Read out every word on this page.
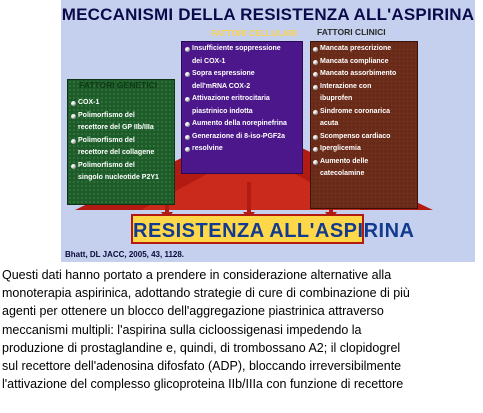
MECCANISMI DELLA RESISTENZA ALL'ASPIRINA
FATTORI GENETICI
COX-1
Polimorfismo del
recettore del GP IIb/IIIa
Polimorfismo del
recettore del collagene
Polimorfismo del
singolo nucleotide P2Y1
FATTORI CELLULARI
Insufficiente soppressione
dei COX-1
Sopra espressione
dell'mRNA COX-2
Attivazione eritrocitaria
piastrinico indotta
Aumento della norepinefrina
Generazione di 8-iso-PGF2a
resolvine
FATTORI CLINICI
Mancata prescrizione
Mancata compliance
Mancato assorbimento
Interazione con
ibuprofen
Sindrome coronarica
acuta
Scompenso cardiaco
Iperglicemia
Aumento delle
catecolamine
RESISTENZA ALL'ASPIRINA
Bhatt, DL JACC, 2005, 43, 1128.
Questi dati hanno portato a prendere in considerazione alternative alla
monoterapia aspirinica, adottando strategie di cure di combinazione di più
agenti per ottenere un blocco dell'aggregazione piastrinica attraverso
meccanismi multipli: l'aspirina sulla cicloossigenasi impedendo la
produzione di prostaglandine e, quindi, di trombossano A2; il clopidogrel
sul recettore dell'adenosina difosfato (ADP), bloccando irreversibilmente
l'attivazione del complesso glicoproteina IIb/IIIa con funzione di recettore
